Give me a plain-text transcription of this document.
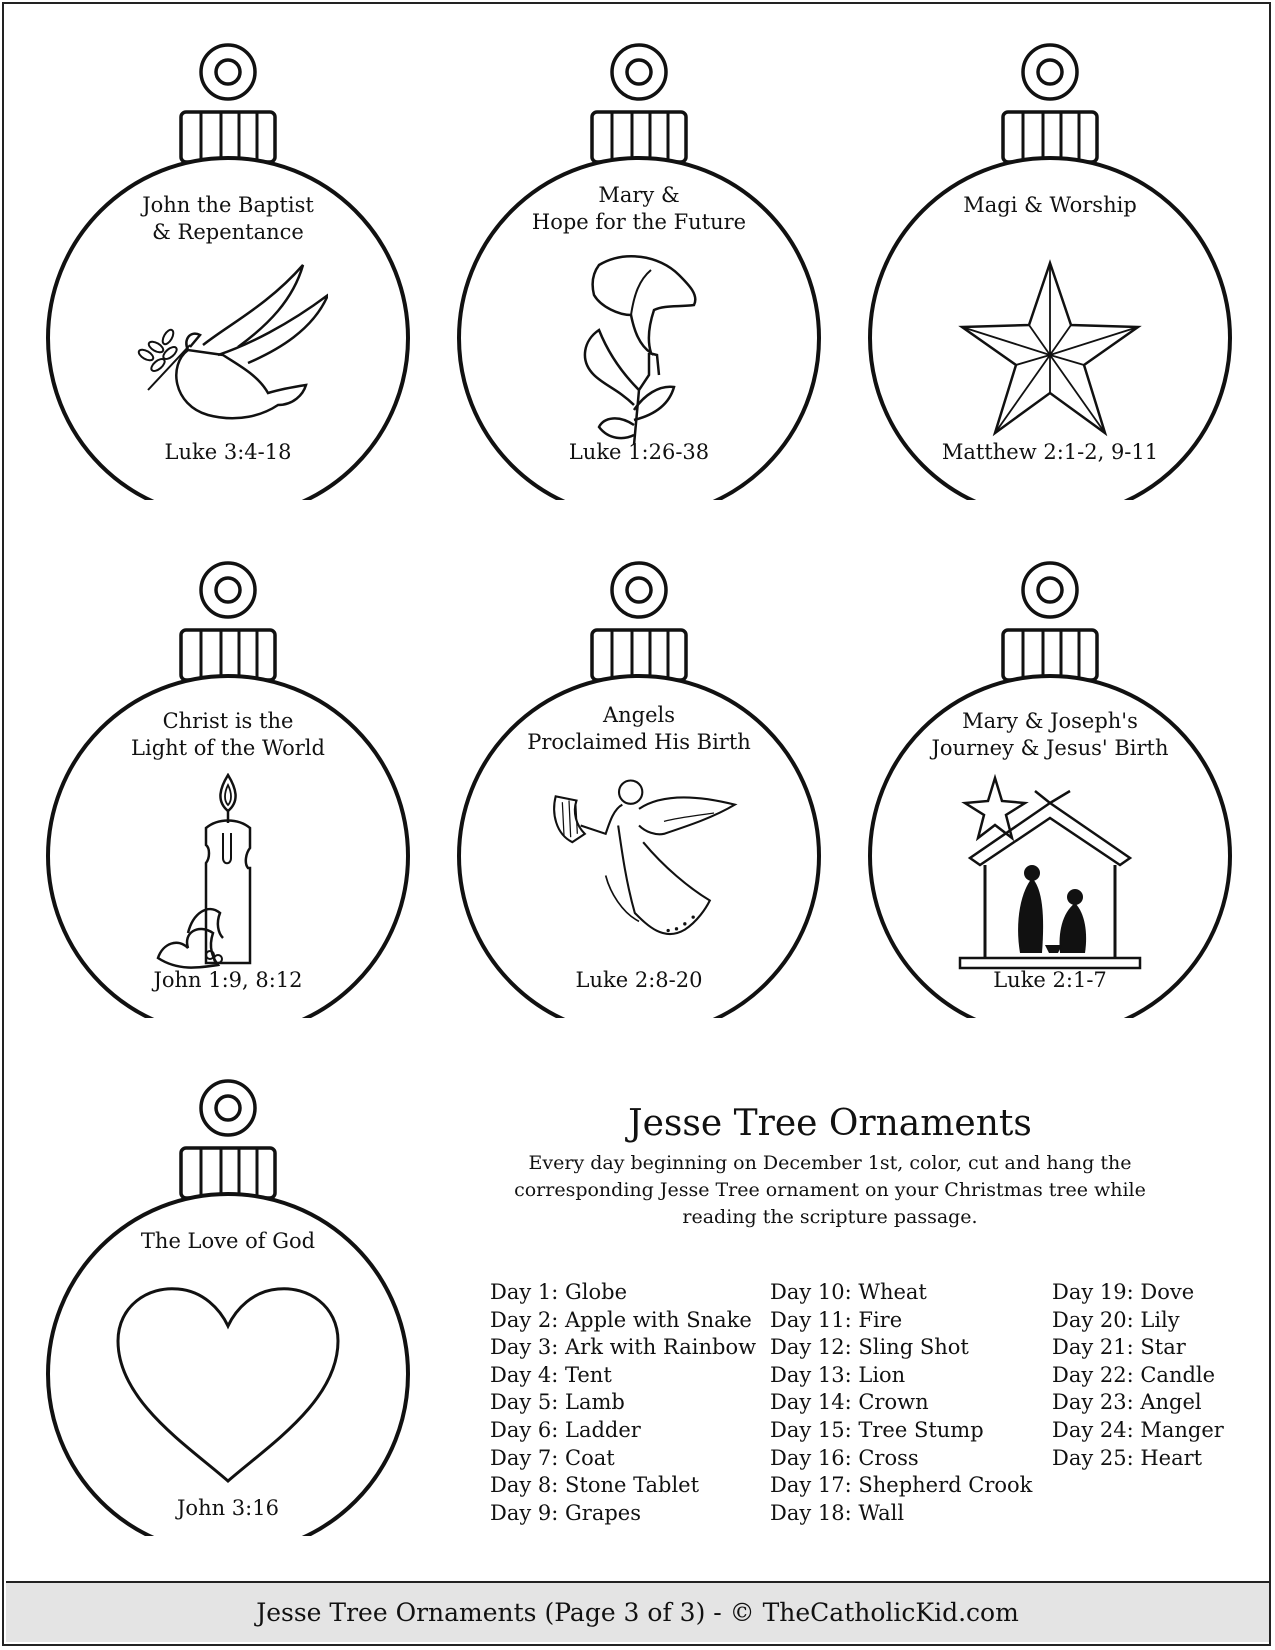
John the Baptist
& Repentance
Luke 3:4-18
Mary &
Hope for the Future
Luke 1:26-38
Magi & Worship
Matthew 2:1-2, 9-11
Christ is the
Light of the World
John 1:9, 8:12
Angels
Proclaimed His Birth
Luke 2:8-20
Mary & Joseph's
Journey & Jesus' Birth
Luke 2:1-7
The Love of God
John 3:16
Jesse Tree Ornaments
Every day beginning on December 1st, color, cut and hang the
corresponding Jesse Tree ornament on your Christmas tree while
reading the scripture passage.
Day 1: Globe
Day 2: Apple with Snake
Day 3: Ark with Rainbow
Day 4: Tent
Day 5: Lamb
Day 6: Ladder
Day 7: Coat
Day 8: Stone Tablet
Day 9: Grapes
Day 10: Wheat
Day 11: Fire
Day 12: Sling Shot
Day 13: Lion
Day 14: Crown
Day 15: Tree Stump
Day 16: Cross
Day 17: Shepherd Crook
Day 18: Wall
Day 19: Dove
Day 20: Lily
Day 21: Star
Day 22: Candle
Day 23: Angel
Day 24: Manger
Day 25: Heart
Jesse Tree Ornaments (Page 3 of 3) - © TheCatholicKid.com
